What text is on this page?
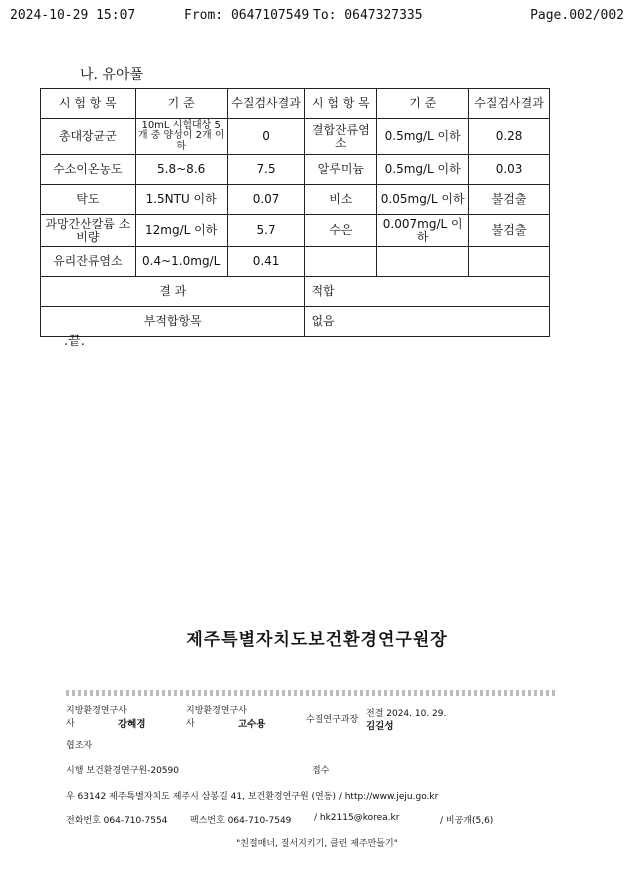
2024-10-29 15:07	From: 0647107549 To: 0647327335	Page.002/002
나. 유아풀
시 험 항 목	기 준	수질검사결과	시 험 항 목	기 준	수질검사결과
총대장균군	10mL 시험대상 5개 중 양성이 2개 이하	0	결합잔류염소	0.5mg/L 이하	0.28
수소이온농도	5.8~8.6	7.5	알루미늄	0.5mg/L 이하	0.03
탁도	1.5NTU 이하	0.07	비소	0.05mg/L 이하	불검출
과망간산칼륨 소비량	12mg/L 이하	5.7	수은	0.007mg/L 이하	불검출
유리잔류염소	0.4~1.0mg/L	0.41			
결 과			적합		
부적합항목			없음		
.끝.
제주특별자치도보건환경연구원장
지방환경연구사
사	강혜경
지방환경연구사
사	고수용	수질연구과장
전결 2024. 10. 29.
김길성
협조자
시행 보건환경연구원-20590	접수
우 63142 제주특별자치도 제주시 삼봉길 41, 보건환경연구원 (연동) / http://www.jeju.go.kr
전화번호 064-710-7554	팩스번호 064-710-7549	/ hk2115@korea.kr	/ 비공개(5,6)
"친절매너, 질서지키기, 클린 제주만들기"
